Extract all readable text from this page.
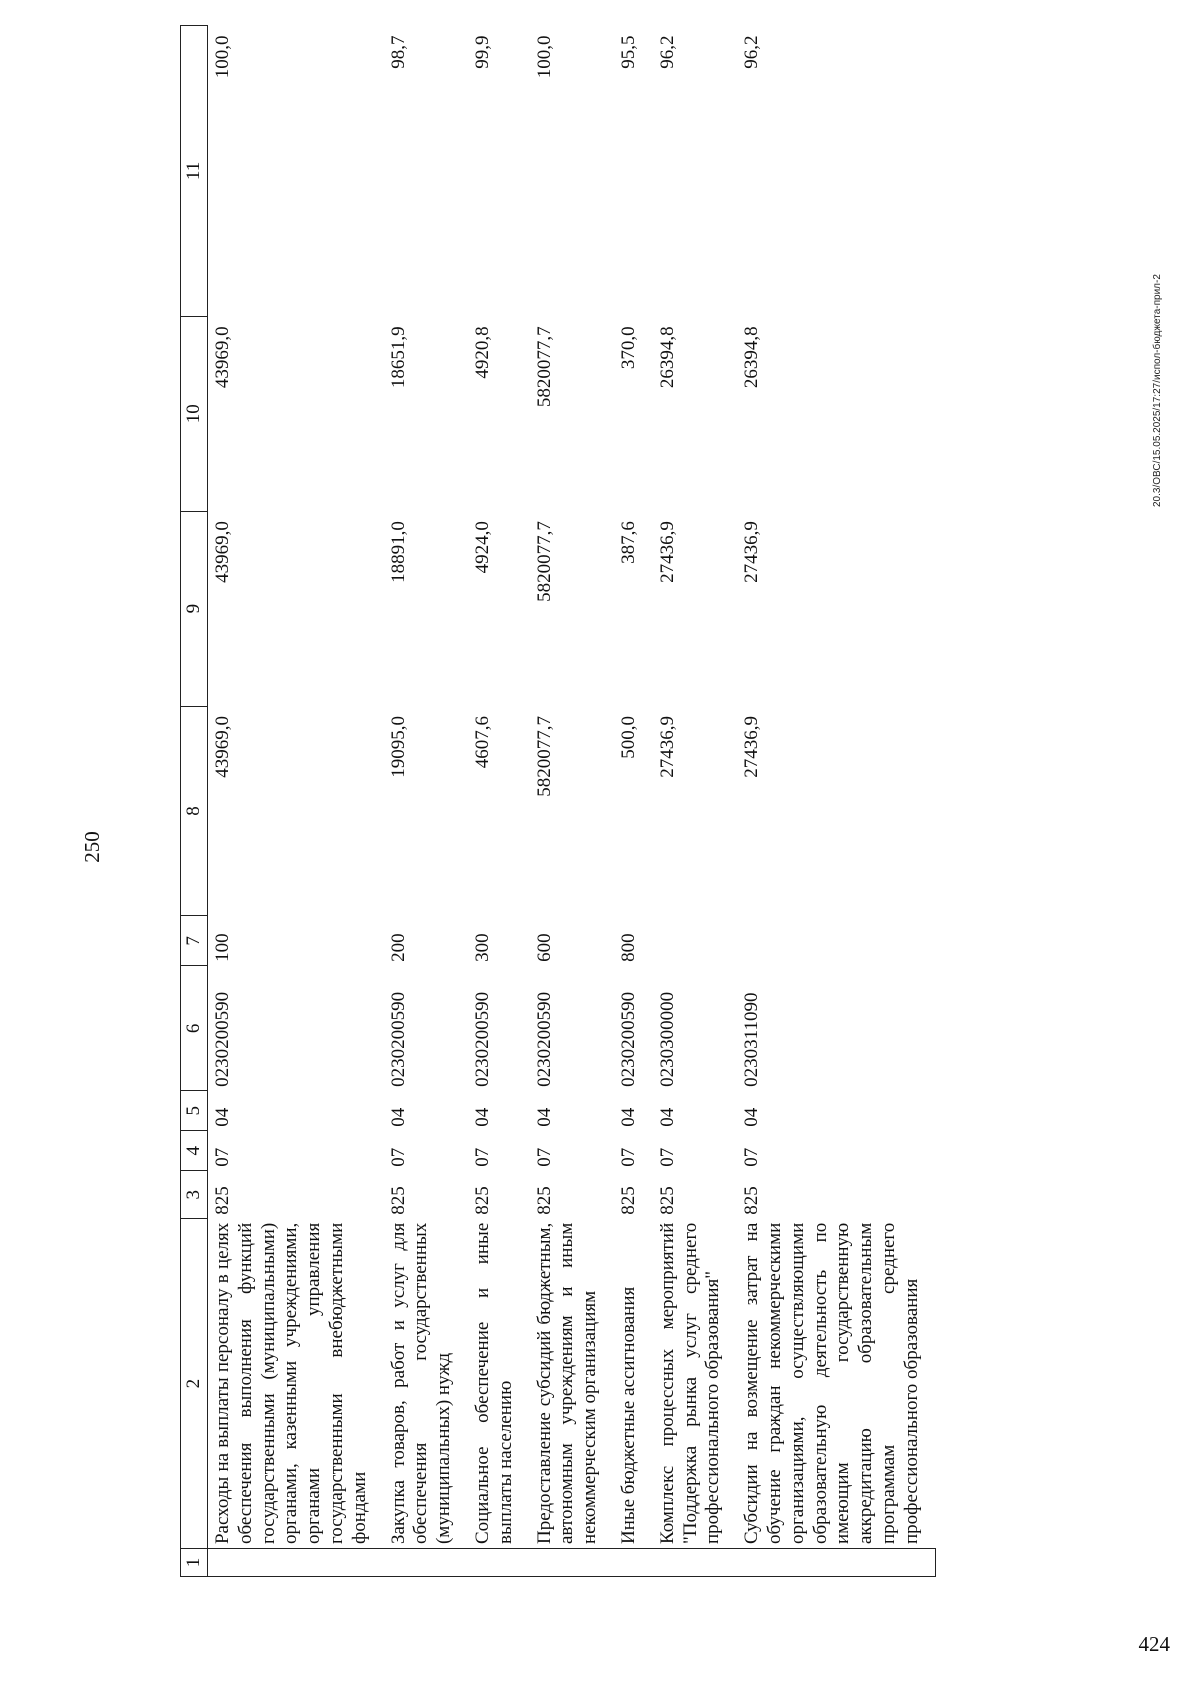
250
1	2	3	4	5	6	7	8	9	10	11
	Расходы на выплаты персоналу в целях обеспечения выполнения функций государственными (муниципальными) органами, казенными учреждениями, органами управления государственными внебюджетными фондами	825	07	04	0230200590	100	43969,0	43969,0	43969,0	100,0
	Закупка товаров, работ и услуг для обеспечения государственных (муниципальных) нужд	825	07	04	0230200590	200	19095,0	18891,0	18651,9	98,7
	Социальное обеспечение и иные выплаты населению	825	07	04	0230200590	300	4607,6	4924,0	4920,8	99,9
	Предоставление субсидий бюджетным, автономным учреждениям и иным некоммерческим организациям	825	07	04	0230200590	600	5820077,7	5820077,7	5820077,7	100,0
	Иные бюджетные ассигнования	825	07	04	0230200590	800	500,0	387,6	370,0	95,5
	Комплекс процессных мероприятий "Поддержка рынка услуг среднего профессионального образования"	825	07	04	0230300000		27436,9	27436,9	26394,8	96,2
	Субсидии на возмещение затрат на обучение граждан некоммерческими организациями, осуществляющими образовательную деятельность по имеющим государственную аккредитацию образовательным программам среднего профессионального образования	825	07	04	0230311090		27436,9	27436,9	26394,8	96,2
20.3/ОВС/15.05.2025/17:27/испол-бюджета-прил-2
424
